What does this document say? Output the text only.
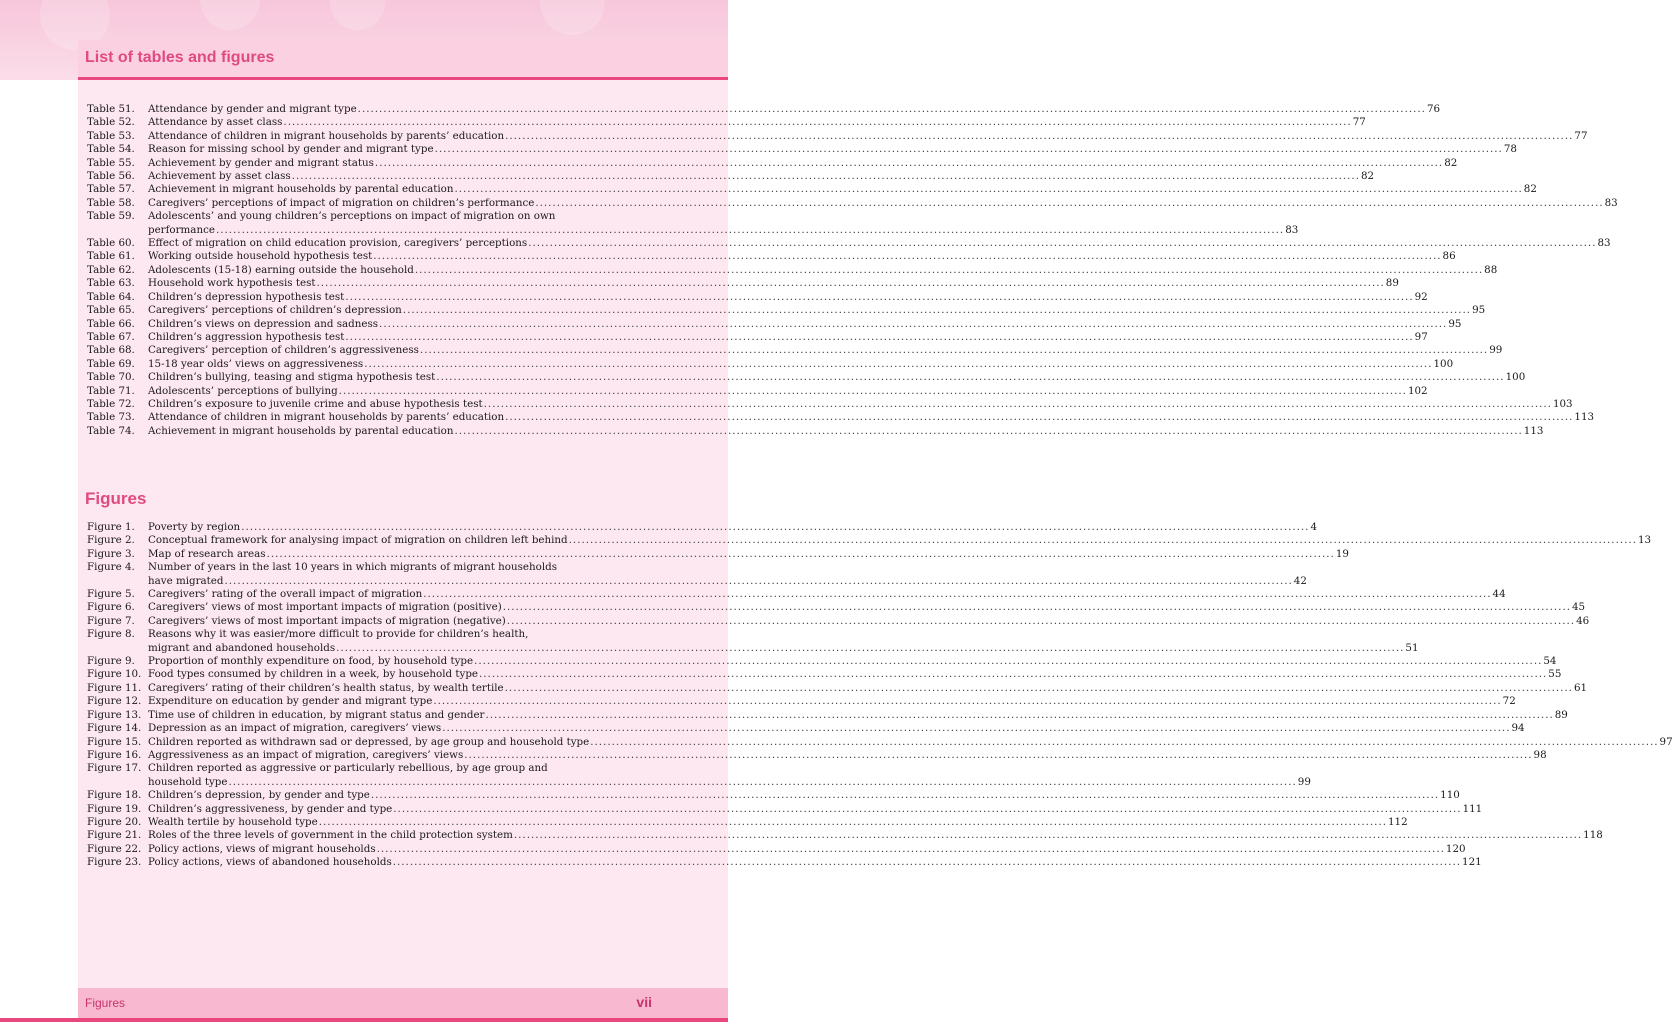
List of tables and figures
Table 51.	Attendance by gender and migrant type .......................................................................................................................................................................................................................................................... 76
Table 52.	Attendance by asset class .......................................................................................................................................................................................................................................................... 77
Table 53.	Attendance of children in migrant households by parents’ education .......................................................................................................................................................................................................................................................... 77
Table 54.	Reason for missing school by gender and migrant type .......................................................................................................................................................................................................................................................... 78
Table 55.	Achievement by gender and migrant status .......................................................................................................................................................................................................................................................... 82
Table 56.	Achievement by asset class .......................................................................................................................................................................................................................................................... 82
Table 57.	Achievement in migrant households by parental education .......................................................................................................................................................................................................................................................... 82
Table 58.	Caregivers’ perceptions of impact of migration on children’s performance .......................................................................................................................................................................................................................................................... 83
Table 59.	Adolescents’ and young children’s perceptions on impact of migration on own
performance .......................................................................................................................................................................................................................................................... 83
Table 60.	Effect of migration on child education provision, caregivers’ perceptions .......................................................................................................................................................................................................................................................... 83
Table 61.	Working outside household hypothesis test .......................................................................................................................................................................................................................................................... 86
Table 62.	Adolescents (15-18) earning outside the household .......................................................................................................................................................................................................................................................... 88
Table 63.	Household work hypothesis test .......................................................................................................................................................................................................................................................... 89
Table 64.	Children’s depression hypothesis test .......................................................................................................................................................................................................................................................... 92
Table 65.	Caregivers’ perceptions of children’s depression .......................................................................................................................................................................................................................................................... 95
Table 66.	Children’s views on depression and sadness .......................................................................................................................................................................................................................................................... 95
Table 67.	Children’s aggression hypothesis test .......................................................................................................................................................................................................................................................... 97
Table 68.	Caregivers’ perception of children’s aggressiveness .......................................................................................................................................................................................................................................................... 99
Table 69.	15-18 year olds’ views on aggressiveness .......................................................................................................................................................................................................................................................... 100
Table 70.	Children’s bullying, teasing and stigma hypothesis test .......................................................................................................................................................................................................................................................... 100
Table 71.	Adolescents’ perceptions of bullying .......................................................................................................................................................................................................................................................... 102
Table 72.	Children’s exposure to juvenile crime and abuse hypothesis test .......................................................................................................................................................................................................................................................... 103
Table 73.	Attendance of children in migrant households by parents’ education .......................................................................................................................................................................................................................................................... 113
Table 74.	Achievement in migrant households by parental education .......................................................................................................................................................................................................................................................... 113
Figures
Figure 1.	Poverty by region .......................................................................................................................................................................................................................................................... 4
Figure 2.	Conceptual framework for analysing impact of migration on children left behind .......................................................................................................................................................................................................................................................... 13
Figure 3.	Map of research areas .......................................................................................................................................................................................................................................................... 19
Figure 4.	Number of years in the last 10 years in which migrants of migrant households
have migrated .......................................................................................................................................................................................................................................................... 42
Figure 5.	Caregivers’ rating of the overall impact of migration .......................................................................................................................................................................................................................................................... 44
Figure 6.	Caregivers’ views of most important impacts of migration (positive) .......................................................................................................................................................................................................................................................... 45
Figure 7.	Caregivers’ views of most important impacts of migration (negative) .......................................................................................................................................................................................................................................................... 46
Figure 8.	Reasons why it was easier/more difficult to provide for children’s health,
migrant and abandoned households .......................................................................................................................................................................................................................................................... 51
Figure 9.	Proportion of monthly expenditure on food, by household type .......................................................................................................................................................................................................................................................... 54
Figure 10. Food types consumed by children in a week, by household type .......................................................................................................................................................................................................................................................... 55
Figure 11. Caregivers’ rating of their children’s health status, by wealth tertile .......................................................................................................................................................................................................................................................... 61
Figure 12. Expenditure on education by gender and migrant type .......................................................................................................................................................................................................................................................... 72
Figure 13. Time use of children in education, by migrant status and gender .......................................................................................................................................................................................................................................................... 89
Figure 14. Depression as an impact of migration, caregivers’ views .......................................................................................................................................................................................................................................................... 94
Figure 15. Children reported as withdrawn sad or depressed, by age group and household type .......................................................................................................................................................................................................................................................... 97
Figure 16. Aggressiveness as an impact of migration, caregivers’ views .......................................................................................................................................................................................................................................................... 98
Figure 17. Children reported as aggressive or particularly rebellious, by age group and
household type .......................................................................................................................................................................................................................................................... 99
Figure 18. Children’s depression, by gender and type .......................................................................................................................................................................................................................................................... 110
Figure 19. Children’s aggressiveness, by gender and type .......................................................................................................................................................................................................................................................... 111
Figure 20. Wealth tertile by household type .......................................................................................................................................................................................................................................................... 112
Figure 21. Roles of the three levels of government in the child protection system .......................................................................................................................................................................................................................................................... 118
Figure 22. Policy actions, views of migrant households .......................................................................................................................................................................................................................................................... 120
Figure 23. Policy actions, views of abandoned households .......................................................................................................................................................................................................................................................... 121
Figures	vii
